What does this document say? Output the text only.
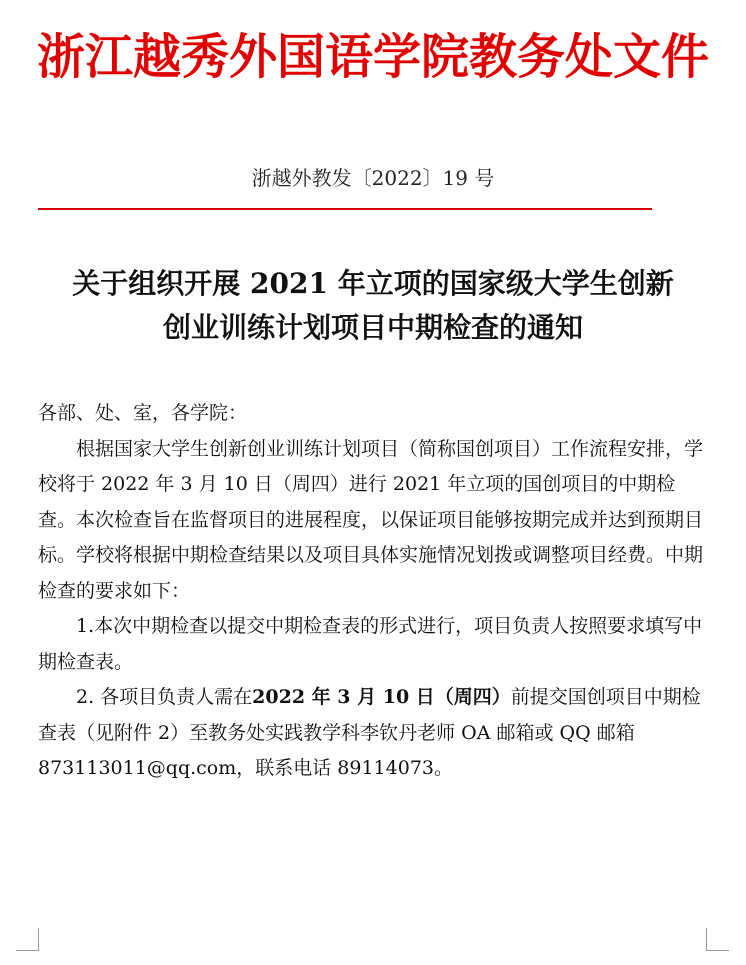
浙江越秀外国语学院教务处文件
浙越外教发〔2022〕19 号
关于组织开展 2021 年立项的国家级大学生创新
创业训练计划项目中期检查的通知

各部、处、室，各学院：

根据国家大学生创新创业训练计划项目（简称国创项目）工作流程安排，学校将于 2022 年 3 月 10 日（周四）进行 2021 年立项的国创项目的中期检查。本次检查旨在监督项目的进展程度，以保证项目能够按期完成并达到预期目标。学校将根据中期检查结果以及项目具体实施情况划拨或调整项目经费。中期检查的要求如下：

1.本次中期检查以提交中期检查表的形式进行，项目负责人按照要求填写中期检查表。

2. 各项目负责人需在2022 年 3 月 10 日（周四）前提交国创项目中期检查表（见附件 2）至教务处实践教学科李钦丹老师 OA 邮箱或 QQ 邮箱 873113011@qq.com，联系电话 89114073。
